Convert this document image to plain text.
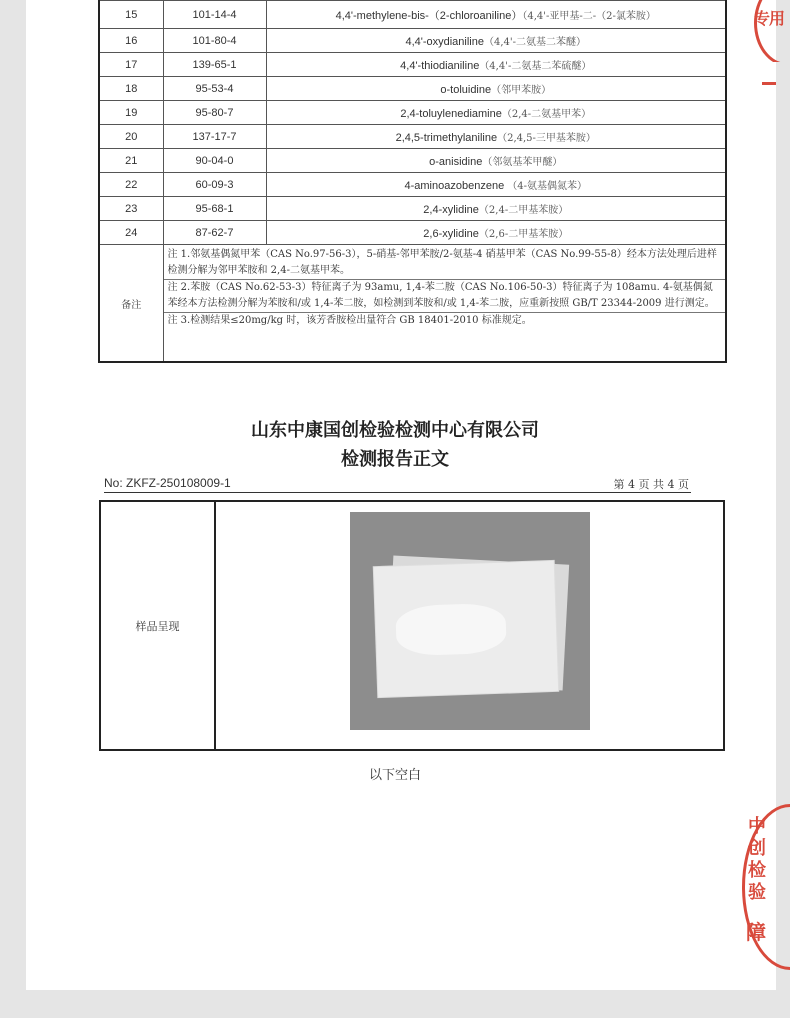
15	101-14-4	4,4'-methylene-bis-（2-chloroaniline）（4,4'-亚甲基-二-（2-氯苯胺）
16	101-80-4	4,4'-oxydianiline（4,4'-二氨基二苯醚）
17	139-65-1	4,4'-thiodianiline（4,4'-二氨基二苯硫醚）
18	95-53-4	o-toluidine（邻甲苯胺）
19	95-80-7	2,4-toluylenediamine（2,4-二氨基甲苯）
20	137-17-7	2,4,5-trimethylaniline（2,4,5-三甲基苯胺）
21	90-04-0	o-anisidine（邻氨基苯甲醚）
22	60-09-3	4-aminoazobenzene （4-氨基偶氮苯）
23	95-68-1	2,4-xylidine（2,4-二甲基苯胺）
24	87-62-7	2,6-xylidine（2,6-二甲基苯胺）
备注	注 1.邻氨基偶氮甲苯（CAS No.97-56-3），5-硝基-邻甲苯胺/2-氨基-4 硝基甲苯（CAS No.99-55-8）经本方法处理后进样检测分解为邻甲苯胺和 2,4-二氨基甲苯。
注 2.苯胺（CAS No.62-53-3）特征离子为 93amu, 1,4-苯二胺（CAS No.106-50-3）特征离子为 108amu. 4-氨基偶氮苯经本方法检测分解为苯胺和/或 1,4-苯二胺，如检测到苯胺和/或 1,4-苯二胺，应重新按照 GB/T 23344-2009 进行测定。
注 3.检测结果≤20mg/kg 时，该芳香胺检出量符合 GB 18401-2010 标准规定。	
山东中康国创检验检测中心有限公司
检测报告正文
No: ZKFZ-250108009-1	第 4 页 共 4 页
样品呈现
以下空白
专用
中创检验
障
